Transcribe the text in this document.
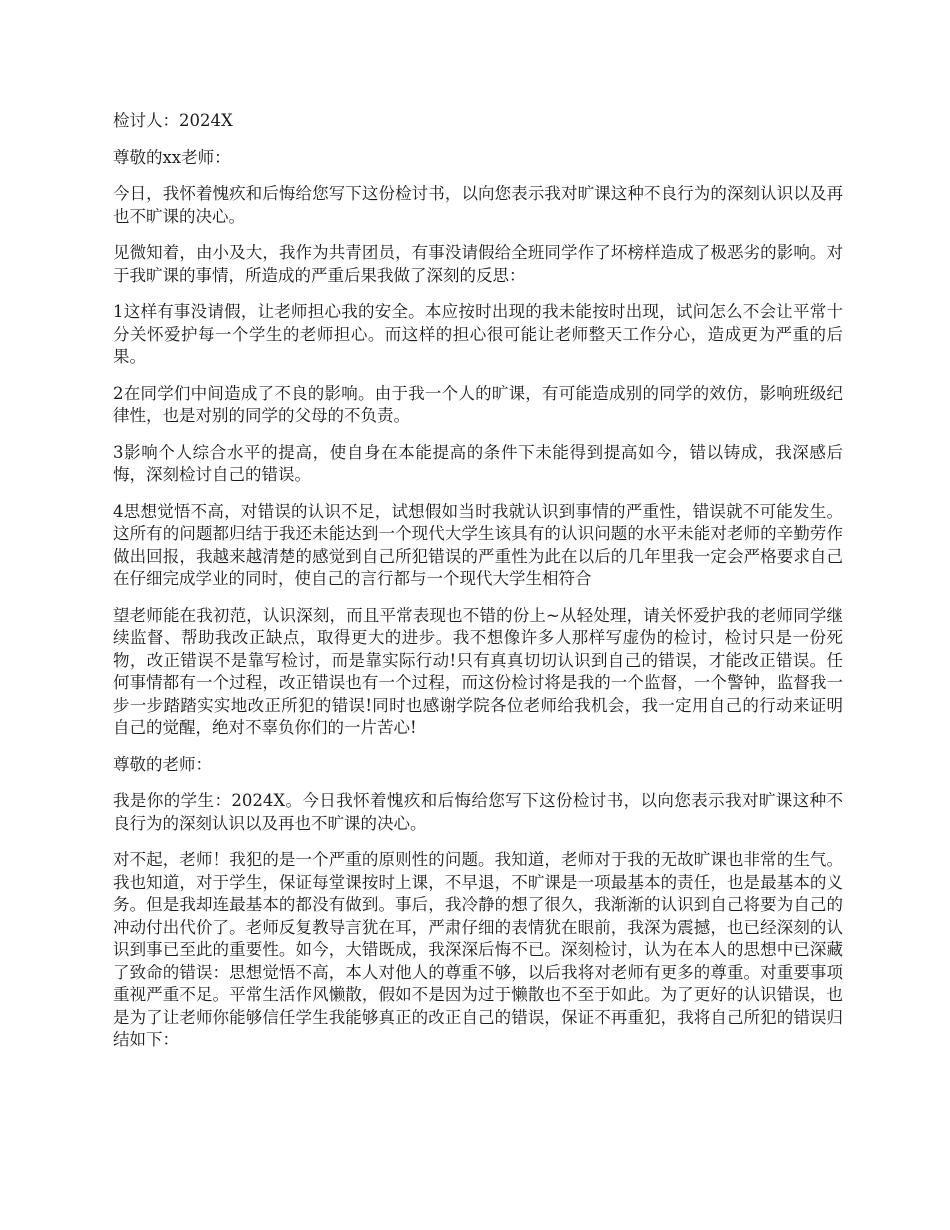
检讨人：2024X

尊敬的xx老师：

今日，我怀着愧疚和后悔给您写下这份检讨书，以向您表示我对旷课这种不良行为的深刻认识以及再也不旷课的决心。

见微知着，由小及大，我作为共青团员，有事没请假给全班同学作了坏榜样造成了极恶劣的影响。对于我旷课的事情，所造成的严重后果我做了深刻的反思：

1这样有事没请假，让老师担心我的安全。本应按时出现的我未能按时出现，试问怎么不会让平常十分关怀爱护每一个学生的老师担心。而这样的担心很可能让老师整天工作分心，造成更为严重的后果。

2在同学们中间造成了不良的影响。由于我一个人的旷课，有可能造成别的同学的效仿，影响班级纪律性，也是对别的同学的父母的不负责。

3影响个人综合水平的提高，使自身在本能提高的条件下未能得到提高如今，错以铸成，我深感后悔，深刻检讨自己的错误。

4思想觉悟不高，对错误的认识不足，试想假如当时我就认识到事情的严重性，错误就不可能发生。这所有的问题都归结于我还未能达到一个现代大学生该具有的认识问题的水平未能对老师的辛勤劳作做出回报，我越来越清楚的感觉到自己所犯错误的严重性为此在以后的几年里我一定会严格要求自己在仔细完成学业的同时，使自己的言行都与一个现代大学生相符合

望老师能在我初范，认识深刻，而且平常表现也不错的份上~从轻处理，请关怀爱护我的老师同学继续监督、帮助我改正缺点，取得更大的进步。我不想像许多人那样写虚伪的检讨，检讨只是一份死物，改正错误不是靠写检讨，而是靠实际行动!只有真真切切认识到自己的错误，才能改正错误。任何事情都有一个过程，改正错误也有一个过程，而这份检讨将是我的一个监督，一个警钟，监督我一步一步踏踏实实地改正所犯的错误!同时也感谢学院各位老师给我机会，我一定用自己的行动来证明自己的觉醒，绝对不辜负你们的一片苦心!

尊敬的老师：

我是你的学生：2024X。今日我怀着愧疚和后悔给您写下这份检讨书，以向您表示我对旷课这种不良行为的深刻认识以及再也不旷课的决心。

对不起，老师！我犯的是一个严重的原则性的问题。我知道，老师对于我的无故旷课也非常的生气。我也知道，对于学生，保证每堂课按时上课，不早退，不旷课是一项最基本的责任，也是最基本的义务。但是我却连最基本的都没有做到。事后，我冷静的想了很久，我渐渐的认识到自己将要为自己的冲动付出代价了。老师反复教导言犹在耳，严肃仔细的表情犹在眼前，我深为震撼，也已经深刻的认识到事已至此的重要性。如今，大错既成，我深深后悔不已。深刻检讨，认为在本人的思想中已深藏了致命的错误：思想觉悟不高，本人对他人的尊重不够，以后我将对老师有更多的尊重。对重要事项重视严重不足。平常生活作风懒散，假如不是因为过于懒散也不至于如此。为了更好的认识错误，也是为了让老师你能够信任学生我能够真正的改正自己的错误，保证不再重犯，我将自己所犯的错误归结如下：
